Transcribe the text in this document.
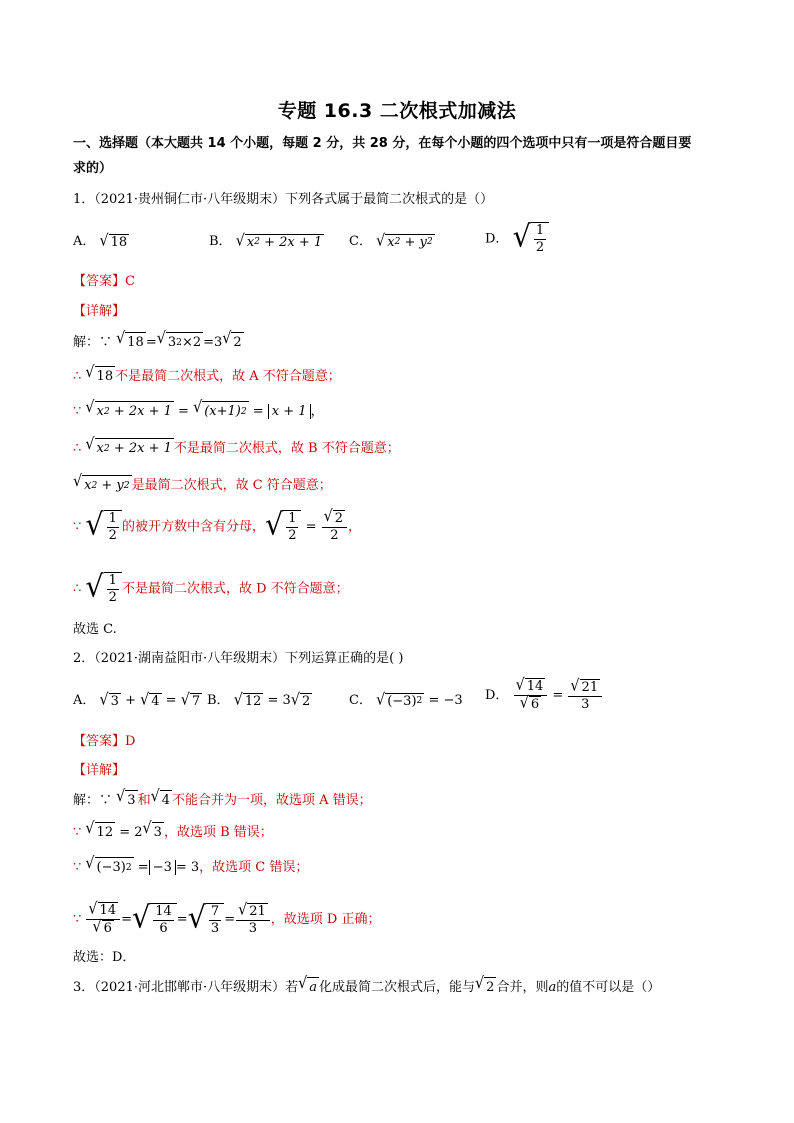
专题 16.3 二次根式加减法
一、选择题（本大题共 14 个小题，每题 2 分，共 28 分，在每个小题的四个选项中只有一项是符合题目要
求的）
1．（2021·贵州铜仁市·八年级期末）下列各式属于最简二次根式的是（）
A． √ 18	B． √ x 2 + 2x + 1 C． √ x 2 + y 2	D． √ $\frac{1}{2}$
【答案】C
【详解】
解：∵ √ 18 = √ 3 2 ×2 =3 √ 2
∴ √ 18 不是最简二次根式，故 A 不符合题意；
∵ √ x 2 + 2x + 1 = √ (x+1) 2 = x + 1 ，
∴ √ x 2 + 2x + 1 不是最简二次根式，故 B 不符合题意；
√ x 2 + y 2 是最简二次根式，故 C 符合题意；
∵ √ $\frac{1}{2}$ 的被开方数中含有分母， √ $\frac{1}{2} = \frac{√ 2}{2}$ ，
∴ √ $\frac{1}{2}$ 不是最简二次根式，故 D 不符合题意；
故选 C.
2．（2021·湖南益阳市·八年级期末）下列运算正确的是( )
A． √ 3 + √ 4 = √ 7 B． √ 12 = 3 √ 2	C． √ (−3) 2 = −3 D． $\frac{√ 14}{√ 6} = \frac{√ 21}{3}$
【答案】D
【详解】
解：∵ √ 3 和 √ 4 不能合并为一项，故选项 A 错误；
∵ √ 12 = 2 √ 3 ，故选项 B 错误；
∵ √ (−3) 2 = −3 = 3，故选项 C 错误；
∵ $\frac{√ 14}{√ 6}$ = √ $\frac{14}{6}$ = √ $\frac{7}{3} = \frac{√ 21}{3}$ ，故选项 D 正确；
故选：D．
3．（2021·河北邯郸市·八年级期末）若 √ a 化成最简二次根式后，能与 √ 2 合并，则a的值不可以是（）
